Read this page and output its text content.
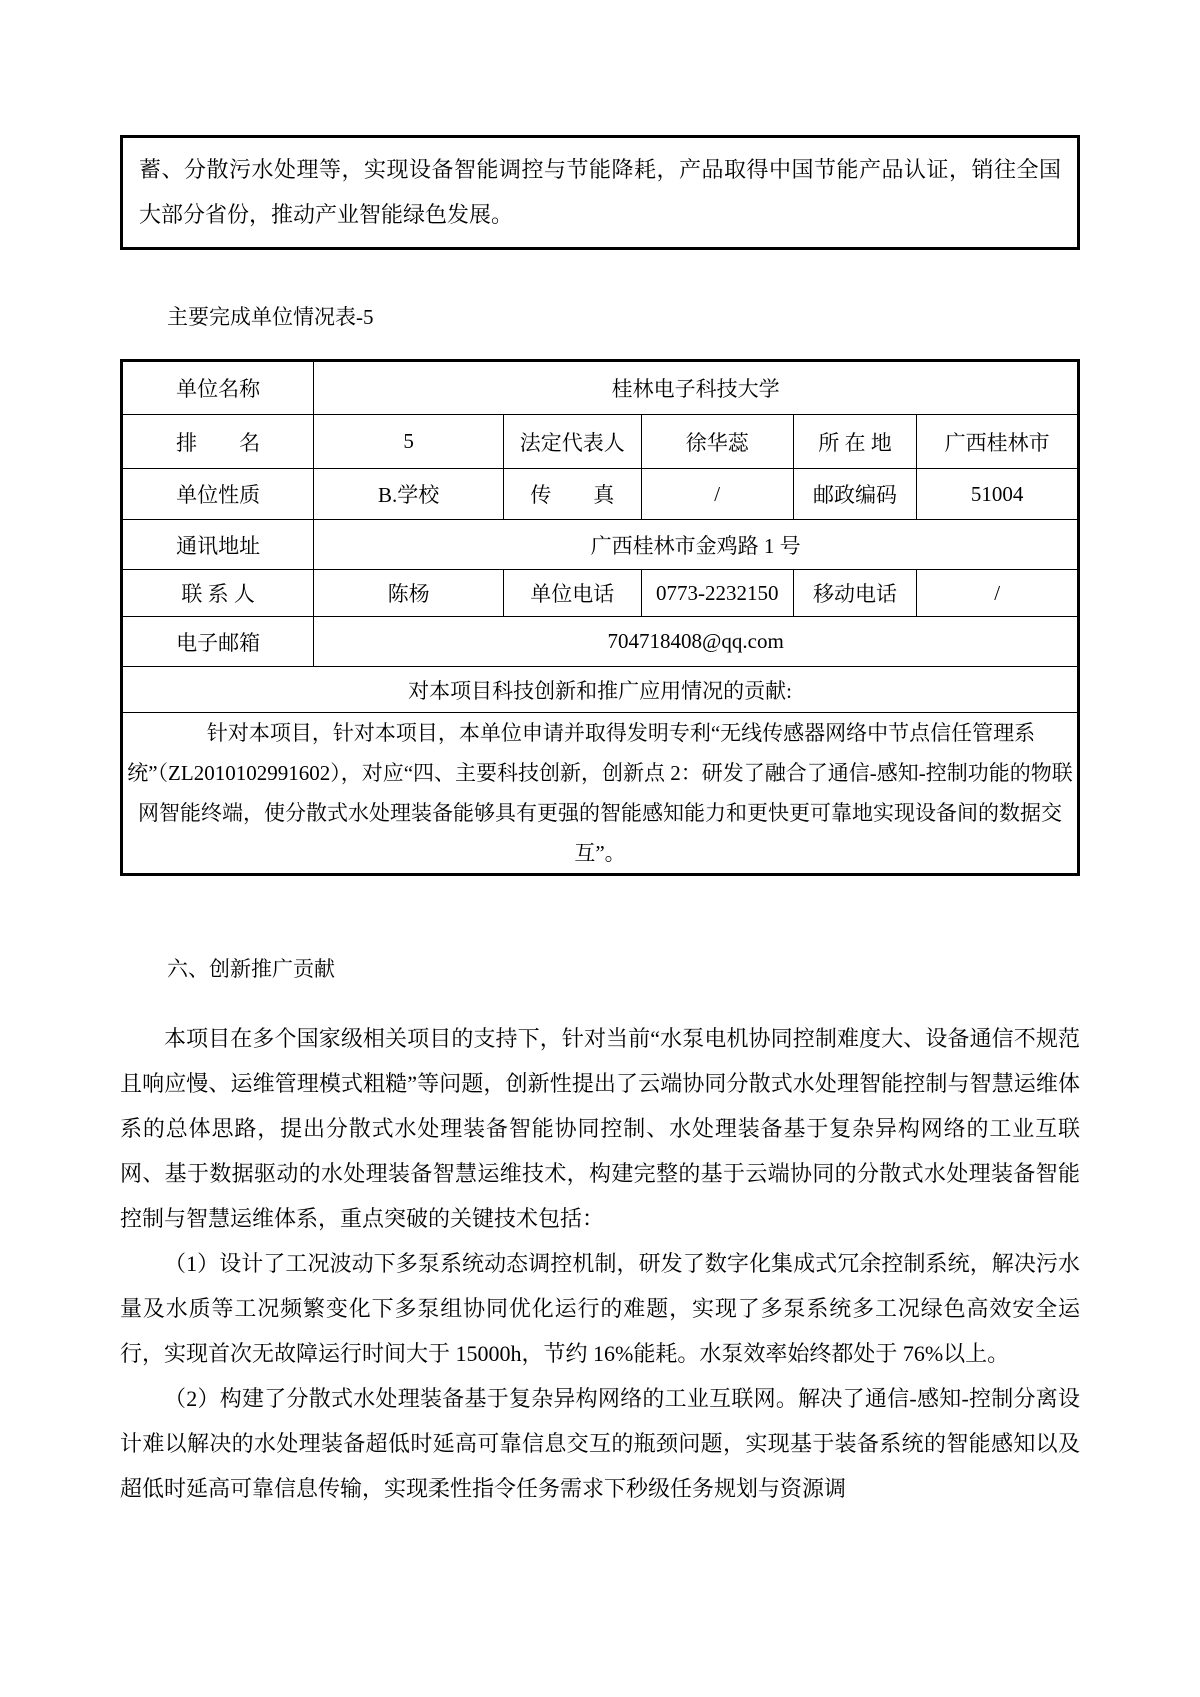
蓄、分散污水处理等，实现设备智能调控与节能降耗，产品取得中国节能产品认证，销往全国大部分省份，推动产业智能绿色发展。

主要完成单位情况表-5

单位名称	桂林电子科技大学				
排　　名	5	法定代表人	徐华蕊	所 在 地	广西桂林市
单位性质	B.学校	传　　真	/	邮政编码	51004
通讯地址	广西桂林市金鸡路 1 号				
联 系 人	陈杨	单位电话	0773-2232150	移动电话	/
电子邮箱	704718408@qq.com				
对本项目科技创新和推广应用情况的贡献:					
针对本项目，针对本项目，本单位申请并取得发明专利“无线传感器网络中节点信任管理系统”（ZL2010102991602），对应“四、主要科技创新，创新点 2：研发了融合了通信-感知-控制功能的物联网智能终端，使分散式水处理装备能够具有更强的智能感知能力和更快更可靠地实现设备间的数据交互”。					

六、创新推广贡献

本项目在多个国家级相关项目的支持下，针对当前“水泵电机协同控制难度大、设备通信不规范且响应慢、运维管理模式粗糙”等问题，创新性提出了云端协同分散式水处理智能控制与智慧运维体系的总体思路，提出分散式水处理装备智能协同控制、水处理装备基于复杂异构网络的工业互联网、基于数据驱动的水处理装备智慧运维技术，构建完整的基于云端协同的分散式水处理装备智能控制与智慧运维体系，重点突破的关键技术包括：

（1）设计了工况波动下多泵系统动态调控机制，研发了数字化集成式冗余控制系统，解决污水量及水质等工况频繁变化下多泵组协同优化运行的难题，实现了多泵系统多工况绿色高效安全运行，实现首次无故障运行时间大于 15000h，节约 16%能耗。水泵效率始终都处于 76%以上。

（2）构建了分散式水处理装备基于复杂异构网络的工业互联网。解决了通信-感知-控制分离设计难以解决的水处理装备超低时延高可靠信息交互的瓶颈问题，实现基于装备系统的智能感知以及超低时延高可靠信息传输，实现柔性指令任务需求下秒级任务规划与资源调
